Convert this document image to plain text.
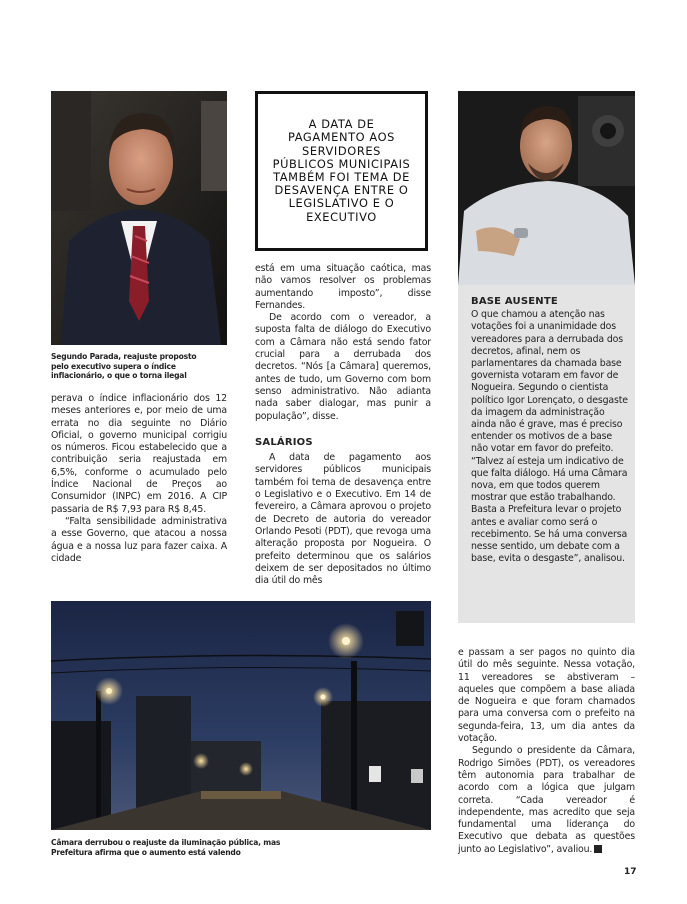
Segundo Parada, reajuste proposto pelo executivo supera o índice inflacionário, o que o torna ilegal
A DATA DE PAGAMENTO AOS SERVIDORES PÚBLICOS MUNICIPAIS TAMBÉM FOI TEMA DE DESAVENÇA ENTRE O LEGISLATIVO E O EXECUTIVO
BASE AUSENTE

O que chamou a atenção nas votações foi a unanimidade dos vereadores para a derrubada dos decretos, afinal, nem os parlamentares da chamada base governista votaram em favor de Nogueira. Segundo o cientista político Igor Lorençato, o desgaste da imagem da administração ainda não é grave, mas é preciso entender os motivos de a base não votar em favor do prefeito.

“Talvez aí esteja um indicativo de que falta diálogo. Há uma Câmara nova, em que todos querem mostrar que estão trabalhando. Basta a Prefeitura levar o projeto antes e avaliar como será o recebimento. Se há uma conversa nesse sentido, um debate com a base, evita o desgaste”, analisou.

perava o índice inflacionário dos 12 meses anteriores e, por meio de uma errata no dia seguinte no Diário Oficial, o governo municipal corrigiu os números. Ficou estabelecido que a contribuição seria reajustada em 6,5%, conforme o acumulado pelo Índice Nacional de Preços ao Consumidor (INPC) em 2016. A CIP passaria de R$ 7,93 para R$ 8,45.

“Falta sensibilidade administrativa a esse Governo, que atacou a nossa água e a nossa luz para fazer caixa. A cidade

está em uma situação caótica, mas não vamos resolver os problemas aumentando imposto”, disse Fernandes.

De acordo com o vereador, a suposta falta de diálogo do Executivo com a Câmara não está sendo fator crucial para a derrubada dos decretos. “Nós [a Câmara] queremos, antes de tudo, um Governo com bom senso administrativo. Não adianta nada saber dialogar, mas punir a população”, disse.

SALÁRIOS

A data de pagamento aos servidores públicos municipais também foi tema de desavença entre o Legislativo e o Executivo. Em 14 de fevereiro, a Câmara aprovou o projeto de Decreto de autoria do vereador Orlando Pesoti (PDT), que revoga uma alteração proposta por Nogueira. O prefeito determinou que os salários deixem de ser depositados no último dia útil do mês

Câmara derrubou o reajuste da iluminação pública, mas Prefeitura afirma que o aumento está valendo

e passam a ser pagos no quinto dia útil do mês seguinte. Nessa votação, 11 vereadores se abstiveram – aqueles que compõem a base aliada de Nogueira e que foram chamados para uma conversa com o prefeito na segunda-feira, 13, um dia antes da votação.

Segundo o presidente da Câmara, Rodrigo Simões (PDT), os vereadores têm autonomia para trabalhar de acordo com a lógica que julgam correta. “Cada vereador é independente, mas acredito que seja fundamental uma liderança do Executivo que debata as questões junto ao Legislativo”, avaliou.

17
